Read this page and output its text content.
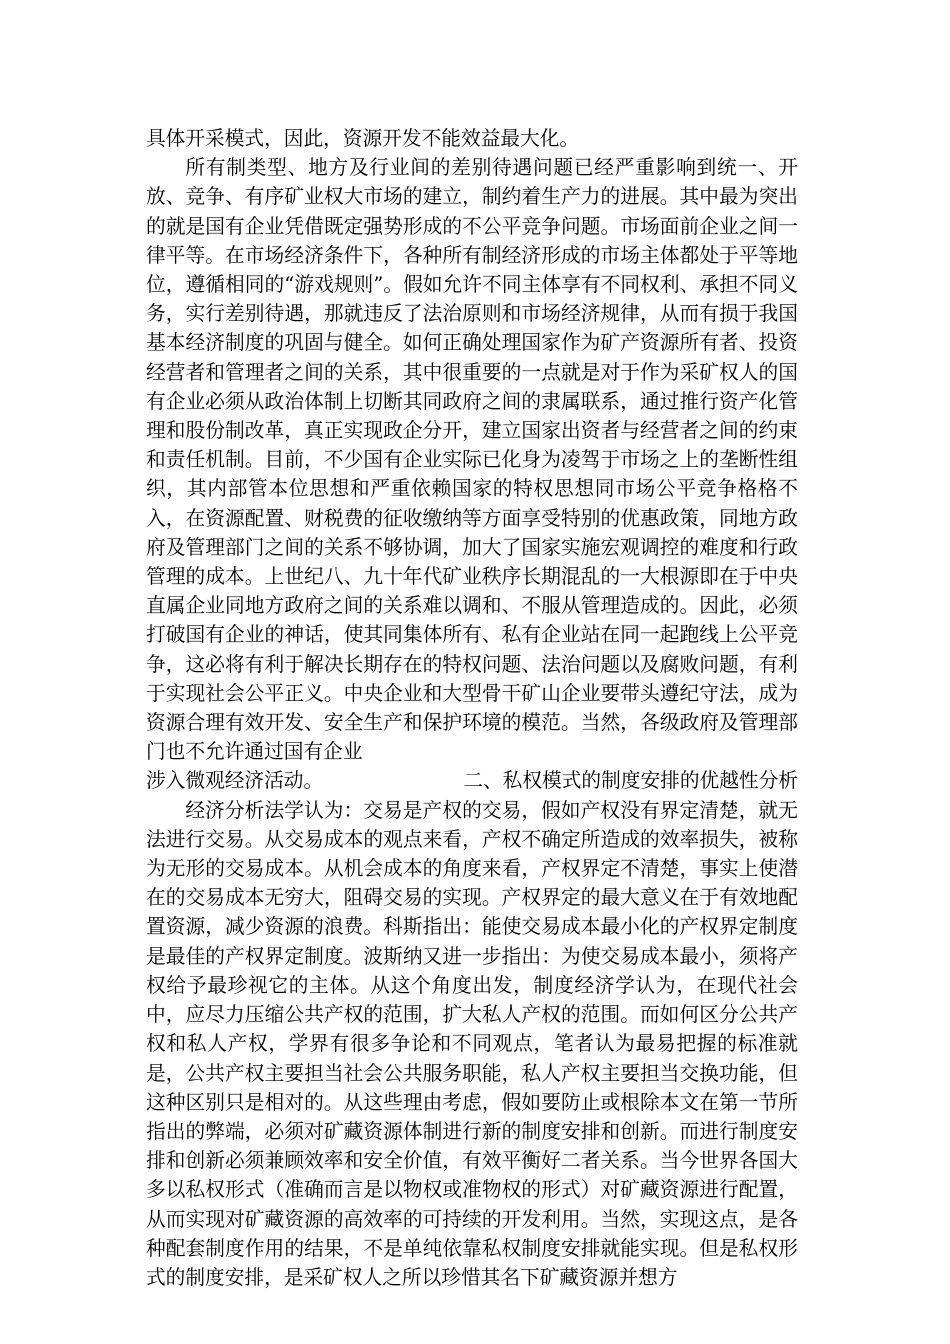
具体开采模式，因此，资源开发不能效益最大化。

所有制类型、地方及行业间的差别待遇问题已经严重影响到统一、开放、竞争、有序矿业权大市场的建立，制约着生产力的进展。其中最为突出的就是国有企业凭借既定强势形成的不公平竞争问题。市场面前企业之间一律平等。在市场经济条件下，各种所有制经济形成的市场主体都处于平等地位，遵循相同的“游戏规则”。假如允许不同主体享有不同权利、承担不同义务，实行差别待遇，那就违反了法治原则和市场经济规律，从而有损于我国基本经济制度的巩固与健全。如何正确处理国家作为矿产资源所有者、投资经营者和管理者之间的关系，其中很重要的一点就是对于作为采矿权人的国有企业必须从政治体制上切断其同政府之间的隶属联系，通过推行资产化管理和股份制改革，真正实现政企分开，建立国家出资者与经营者之间的约束和责任机制。目前，不少国有企业实际已化身为凌驾于市场之上的垄断性组织，其内部管本位思想和严重依赖国家的特权思想同市场公平竞争格格不入，在资源配置、财税费的征收缴纳等方面享受特别的优惠政策，同地方政府及管理部门之间的关系不够协调，加大了国家实施宏观调控的难度和行政管理的成本。上世纪八、九十年代矿业秩序长期混乱的一大根源即在于中央直属企业同地方政府之间的关系难以调和、不服从管理造成的。因此，必须打破国有企业的神话，使其同集体所有、私有企业站在同一起跑线上公平竞争，这必将有利于解决长期存在的特权问题、法治问题以及腐败问题，有利于实现社会公平正义。中央企业和大型骨干矿山企业要带头遵纪守法，成为资源合理有效开发、安全生产和保护环境的模范。当然，各级政府及管理部门也不允许通过国有企业

涉入微观经济活动。	二、私权模式的制度安排的优越性分析

经济分析法学认为：交易是产权的交易，假如产权没有界定清楚，就无法进行交易。从交易成本的观点来看，产权不确定所造成的效率损失，被称为无形的交易成本。从机会成本的角度来看，产权界定不清楚，事实上使潜在的交易成本无穷大，阻碍交易的实现。产权界定的最大意义在于有效地配置资源，减少资源的浪费。科斯指出：能使交易成本最小化的产权界定制度是最佳的产权界定制度。波斯纳又进一步指出：为使交易成本最小，须将产权给予最珍视它的主体。从这个角度出发，制度经济学认为，在现代社会中，应尽力压缩公共产权的范围，扩大私人产权的范围。而如何区分公共产权和私人产权，学界有很多争论和不同观点，笔者认为最易把握的标准就是，公共产权主要担当社会公共服务职能，私人产权主要担当交换功能，但这种区别只是相对的。从这些理由考虑，假如要防止或根除本文在第一节所指出的弊端，必须对矿藏资源体制进行新的制度安排和创新。而进行制度安排和创新必须兼顾效率和安全价值，有效平衡好二者关系。当今世界各国大多以私权形式（准确而言是以物权或准物权的形式）对矿藏资源进行配置，从而实现对矿藏资源的高效率的可持续的开发利用。当然，实现这点，是各种配套制度作用的结果，不是单纯依靠私权制度安排就能实现。但是私权形式的制度安排，是采矿权人之所以珍惜其名下矿藏资源并想方
